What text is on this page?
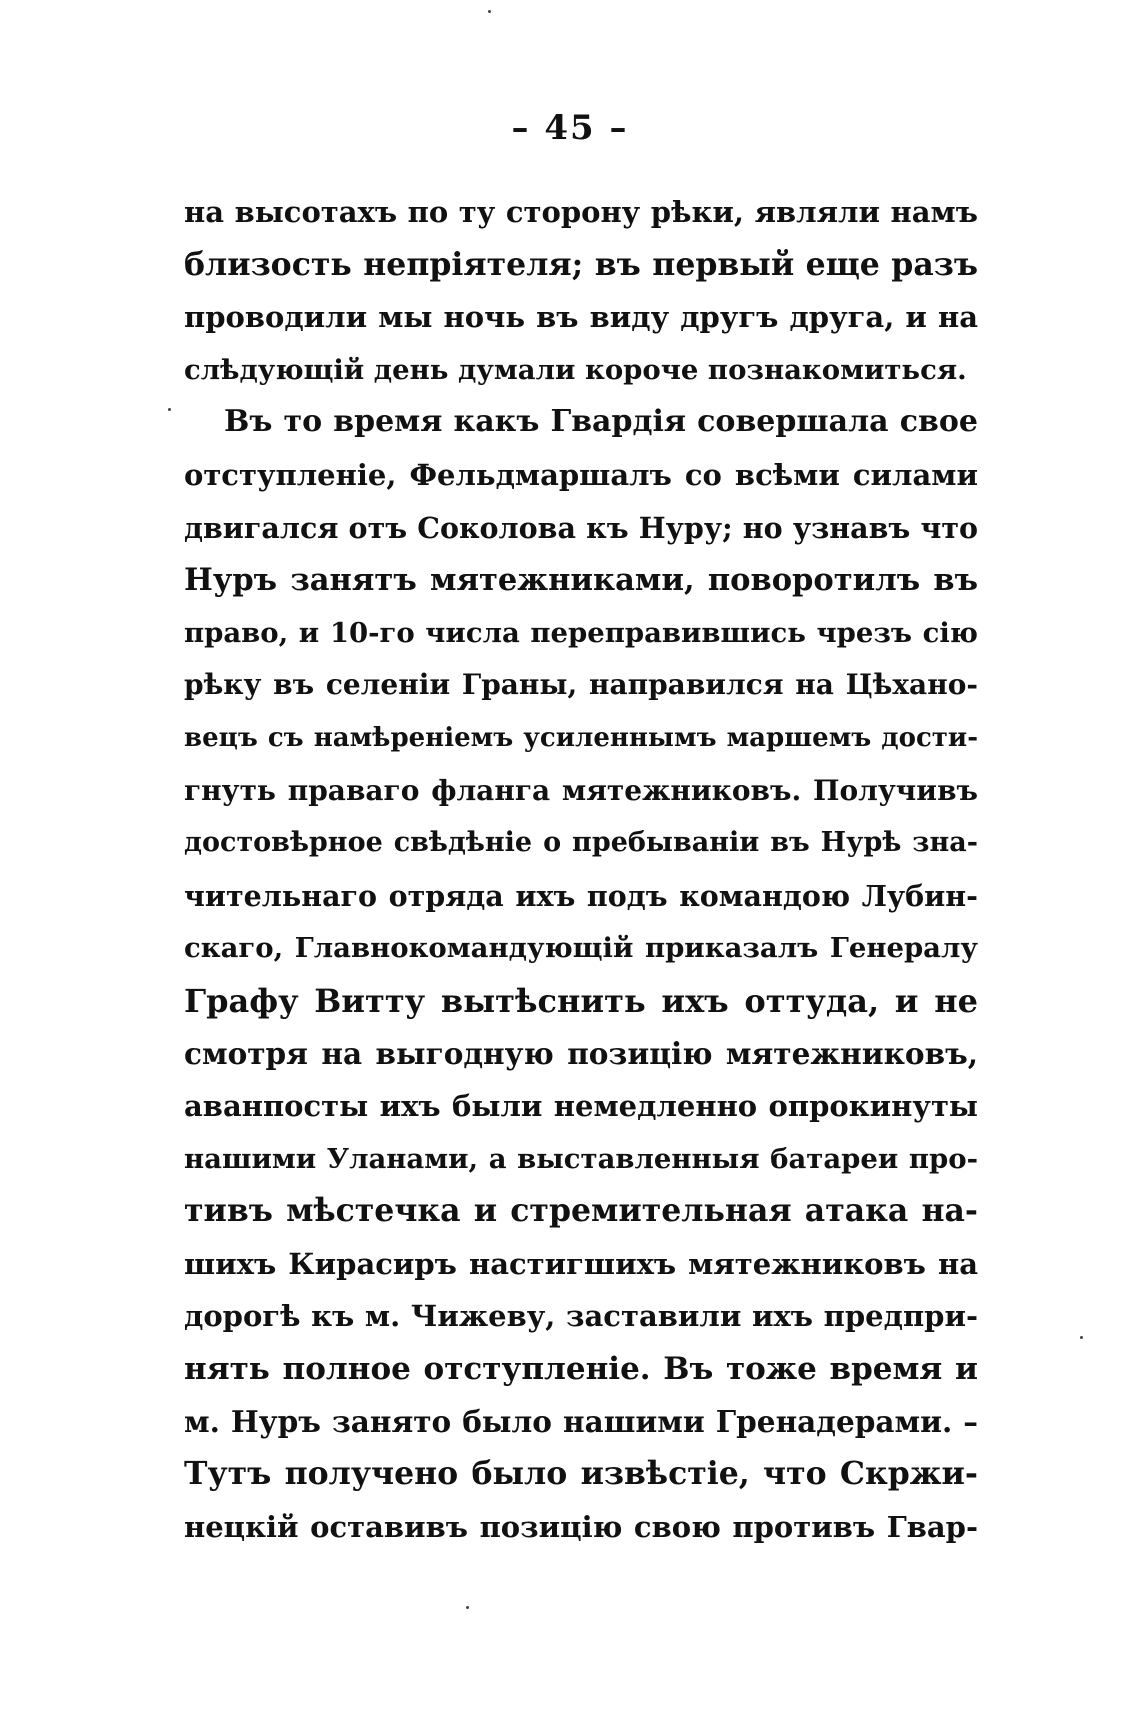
– 45 –
на высотахъ по ту сторону рѣки, являли намъ
близость непріятеля; въ первый еще разъ
проводили мы ночь въ виду другъ друга, и на
слѣдующій день думали короче познакомиться.
Въ то время какъ Гвардія совершала свое
отступленіе, Фельдмаршалъ со всѣми силами
двигался отъ Соколова къ Нуру; но узнавъ что
Нуръ занятъ мятежниками, поворотилъ въ
право, и 10-го числа переправившись чрезъ сію
рѣку въ селеніи Граны, направился на Цѣхано-
вецъ съ намѣреніемъ усиленнымъ маршемъ дости-
гнуть праваго фланга мятежниковъ. Получивъ
достовѣрное свѣдѣніе о пребываніи въ Нурѣ зна-
чительнаго отряда ихъ подъ командою Лубин-
скаго, Главнокомандующій приказалъ Генералу
Графу Витту вытѣснить ихъ оттуда, и не
смотря на выгодную позицію мятежниковъ,
аванпосты ихъ были немедленно опрокинуты
нашими Уланами, а выставленныя батареи про-
тивъ мѣстечка и стремительная атака на-
шихъ Кирасиръ настигшихъ мятежниковъ на
дорогѣ къ м. Чижеву, заставили ихъ предпри-
нять полное отступленіе. Въ тоже время и
м. Нуръ занято было нашими Гренадерами. –
Тутъ получено было извѣстіе, что Скржи-
нецкій оставивъ позицію свою противъ Гвар-
